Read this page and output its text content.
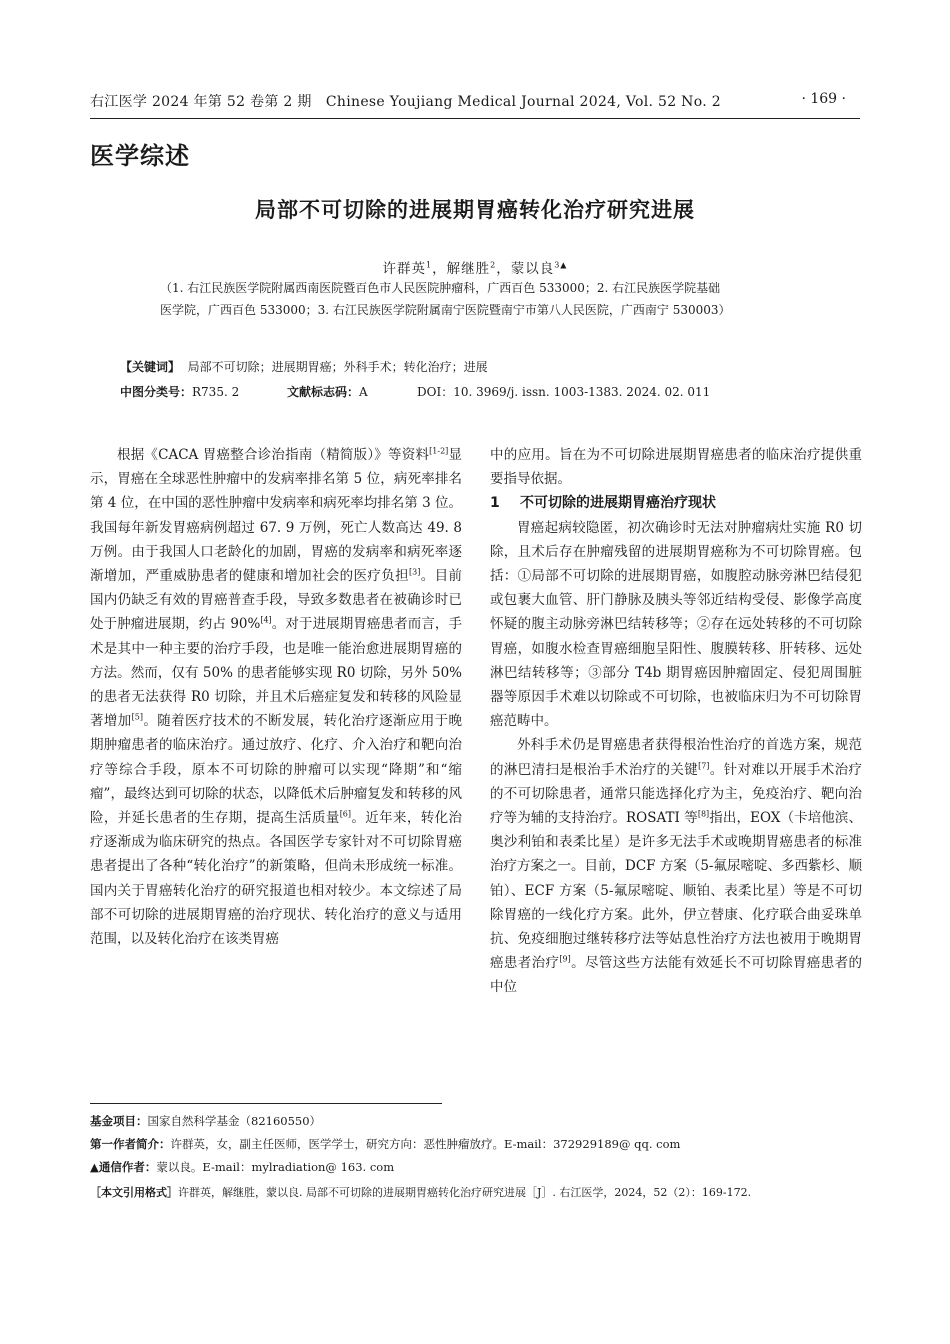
右江医学 2024 年第 52 卷第 2 期 Chinese Youjiang Medical Journal 2024, Vol. 52 No. 2	· 169 ·
医学综述
局部不可切除的进展期胃癌转化治疗研究进展
许群英$^1$，解继胜$^2$，蒙以良$^{3▲}$
（1. 右江民族医学院附属西南医院暨百色市人民医院肿瘤科，广西百色 533000；2. 右江民族医学院基础
医学院，广西百色 533000；3. 右江民族医学院附属南宁医院暨南宁市第八人民医院，广西南宁 530003）
【关键词】 局部不可切除；进展期胃癌；外科手术；转化治疗；进展
中图分类号：R735. 2	文献标志码：A	DOI：10. 3969/j. issn. 1003-1383. 2024. 02. 011

根据《CACA 胃癌整合诊治指南（精简版）》等资料[1-2]显示，胃癌在全球恶性肿瘤中的发病率排名第 5 位，病死率排名第 4 位，在中国的恶性肿瘤中发病率和病死率均排名第 3 位。我国每年新发胃癌病例超过 67. 9 万例，死亡人数高达 49. 8 万例。由于我国人口老龄化的加剧，胃癌的发病率和病死率逐渐增加，严重威胁患者的健康和增加社会的医疗负担[3]。目前国内仍缺乏有效的胃癌普查手段，导致多数患者在被确诊时已处于肿瘤进展期，约占 90%[4]。对于进展期胃癌患者而言，手术是其中一种主要的治疗手段，也是唯一能治愈进展期胃癌的方法。然而，仅有 50% 的患者能够实现 R0 切除，另外 50% 的患者无法获得 R0 切除，并且术后癌症复发和转移的风险显著增加[5]。随着医疗技术的不断发展，转化治疗逐渐应用于晚期肿瘤患者的临床治疗。通过放疗、化疗、介入治疗和靶向治疗等综合手段，原本不可切除的肿瘤可以实现“降期”和“缩瘤”，最终达到可切除的状态，以降低术后肿瘤复发和转移的风险，并延长患者的生存期，提高生活质量[6]。近年来，转化治疗逐渐成为临床研究的热点。各国医学专家针对不可切除胃癌患者提出了各种“转化治疗”的新策略，但尚未形成统一标准。国内关于胃癌转化治疗的研究报道也相对较少。本文综述了局部不可切除的进展期胃癌的治疗现状、转化治疗的意义与适用范围，以及转化治疗在该类胃癌

中的应用。旨在为不可切除进展期胃癌患者的临床治疗提供重要指导依据。

1 不可切除的进展期胃癌治疗现状

胃癌起病较隐匿，初次确诊时无法对肿瘤病灶实施 R0 切除，且术后存在肿瘤残留的进展期胃癌称为不可切除胃癌。包括：①局部不可切除的进展期胃癌，如腹腔动脉旁淋巴结侵犯或包裹大血管、肝门静脉及胰头等邻近结构受侵、影像学高度怀疑的腹主动脉旁淋巴结转移等；②存在远处转移的不可切除胃癌，如腹水检查胃癌细胞呈阳性、腹膜转移、肝转移、远处淋巴结转移等；③部分 T4b 期胃癌因肿瘤固定、侵犯周围脏器等原因手术难以切除或不可切除，也被临床归为不可切除胃癌范畴中。

外科手术仍是胃癌患者获得根治性治疗的首选方案，规范的淋巴清扫是根治手术治疗的关键[7]。针对难以开展手术治疗的不可切除患者，通常只能选择化疗为主，免疫治疗、靶向治疗等为辅的支持治疗。ROSATI 等[8]指出，EOX（卡培他滨、奥沙利铂和表柔比星）是许多无法手术或晚期胃癌患者的标准治疗方案之一。目前，DCF 方案（5-氟尿嘧啶、多西紫杉、顺铂）、ECF 方案（5-氟尿嘧啶、顺铂、表柔比星）等是不可切除胃癌的一线化疗方案。此外，伊立替康、化疗联合曲妥珠单抗、免疫细胞过继转移疗法等姑息性治疗方法也被用于晚期胃癌患者治疗[9]。尽管这些方法能有效延长不可切除胃癌患者的中位

基金项目：国家自然科学基金（82160550）
第一作者简介：许群英，女，副主任医师，医学学士，研究方向：恶性肿瘤放疗。E-mail：372929189@ qq. com
▲通信作者：蒙以良。E-mail：mylradiation@ 163. com
［本文引用格式］许群英，解继胜，蒙以良. 局部不可切除的进展期胃癌转化治疗研究进展［J］. 右江医学，2024，52（2）：169-172.
